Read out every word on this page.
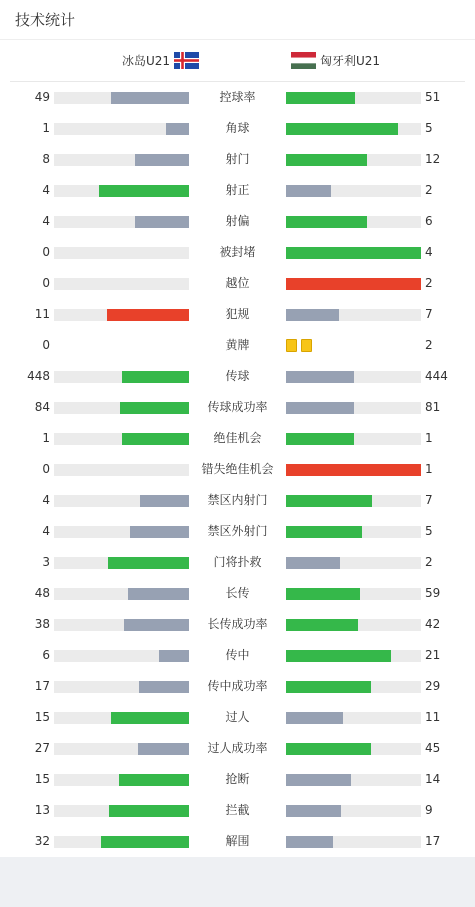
技术统计
冰岛U21	匈牙利U21
49	控球率	51
1	角球	5
8	射门	12
4	射正	2
4	射偏	6
0	被封堵	4
0	越位	2
11	犯规	7
0	黄牌	2
448	传球	444
84	传球成功率	81
1	绝佳机会	1
0	错失绝佳机会	1
4	禁区内射门	7
4	禁区外射门	5
3	门将扑救	2
48	长传	59
38	长传成功率	42
6	传中	21
17	传中成功率	29
15	过人	11
27	过人成功率	45
15	抢断	14
13	拦截	9
32	解围	17
